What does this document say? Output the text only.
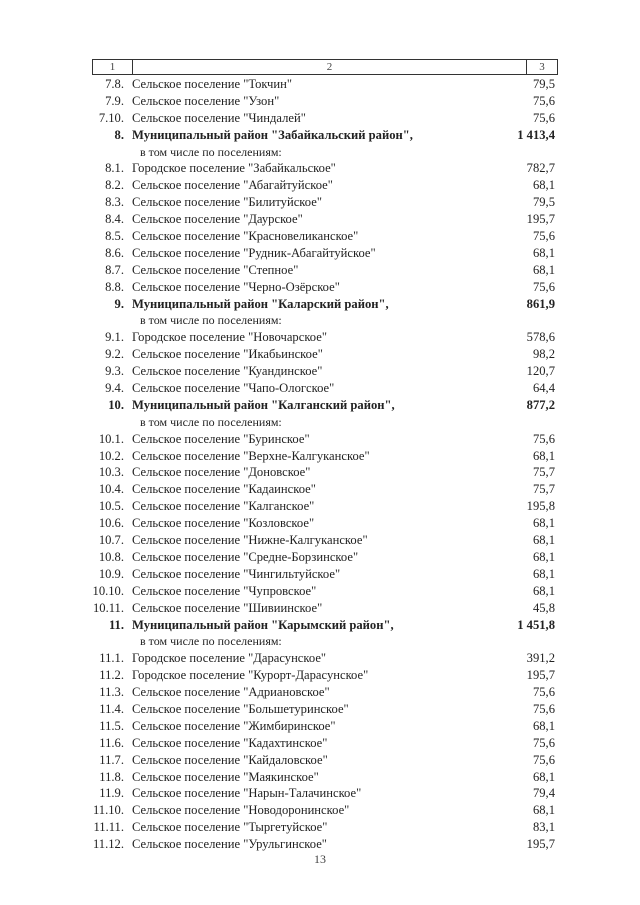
1	2	3
7.8. Сельское поселение "Токчин"	79,5
7.9. Сельское поселение "Узон"	75,6
7.10. Сельское поселение "Чиндалей"	75,6
8. Муниципальный район "Забайкальский район",	1 413,4
в том числе по поселениям:
8.1. Городское поселение "Забайкальское"	782,7
8.2. Сельское поселение "Абагайтуйское"	68,1
8.3. Сельское поселение "Билитуйское"	79,5
8.4. Сельское поселение "Даурское"	195,7
8.5. Сельское поселение "Красновеликанское"	75,6
8.6. Сельское поселение "Рудник-Абагайтуйское"	68,1
8.7. Сельское поселение "Степное"	68,1
8.8. Сельское поселение "Черно-Озёрское"	75,6
9. Муниципальный район "Каларский район",	861,9
в том числе по поселениям:
9.1. Городское поселение "Новочарское"	578,6
9.2. Сельское поселение "Икабьинское"	98,2
9.3. Сельское поселение "Куандинское"	120,7
9.4. Сельское поселение "Чапо-Ологское"	64,4
10. Муниципальный район "Калганский район",	877,2
в том числе по поселениям:
10.1. Сельское поселение "Буринское"	75,6
10.2. Сельское поселение "Верхне-Калгуканское"	68,1
10.3. Сельское поселение "Доновское"	75,7
10.4. Сельское поселение "Кадаинское"	75,7
10.5. Сельское поселение "Калганское"	195,8
10.6. Сельское поселение "Козловское"	68,1
10.7. Сельское поселение "Нижне-Калгуканское"	68,1
10.8. Сельское поселение "Средне-Борзинское"	68,1
10.9. Сельское поселение "Чингильтуйское"	68,1
10.10. Сельское поселение "Чупровское"	68,1
10.11. Сельское поселение "Шивиинское"	45,8
11. Муниципальный район "Карымский район",	1 451,8
в том числе по поселениям:
11.1. Городское поселение "Дарасунское"	391,2
11.2. Городское поселение "Курорт-Дарасунское"	195,7
11.3. Сельское поселение "Адриановское"	75,6
11.4. Сельское поселение "Большетуринское"	75,6
11.5. Сельское поселение "Жимбиринское"	68,1
11.6. Сельское поселение "Кадахтинское"	75,6
11.7. Сельское поселение "Кайдаловское"	75,6
11.8. Сельское поселение "Маякинское"	68,1
11.9. Сельское поселение "Нарын-Талачинское"	79,4
11.10. Сельское поселение "Новодоронинское"	68,1
11.11. Сельское поселение "Тыргетуйское"	83,1
11.12. Сельское поселение "Урульгинское"	195,7
13
